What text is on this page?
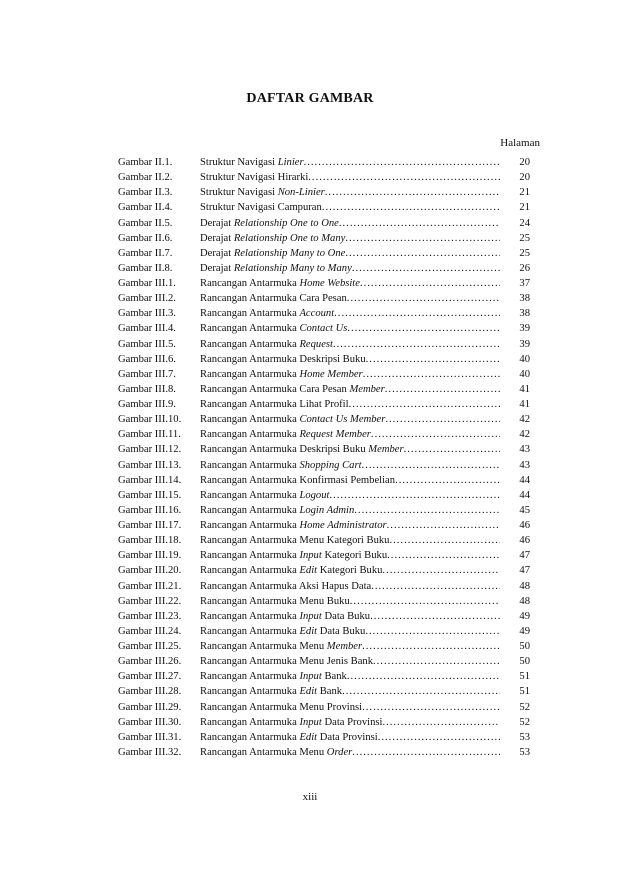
DAFTAR GAMBAR
Halaman
Gambar II.1.	Struktur Navigasi Linier .....	20
Gambar II.2.	Struktur Navigasi Hirarki .....	20
Gambar II.3.	Struktur Navigasi Non-Linier .....	21
Gambar II.4.	Struktur Navigasi Campuran .....	21
Gambar II.5.	Derajat Relationship One to One .....	24
Gambar II.6.	Derajat Relationship One to Many .....	25
Gambar II.7.	Derajat Relationship Many to One .....	25
Gambar II.8.	Derajat Relationship Many to Many .....	26
Gambar III.1. Rancangan Antarmuka Home Website .....	37
Gambar III.2. Rancangan Antarmuka Cara Pesan .....	38
Gambar III.3. Rancangan Antarmuka Account .....	38
Gambar III.4. Rancangan Antarmuka Contact Us .....	39
Gambar III.5. Rancangan Antarmuka Request .....	39
Gambar III.6. Rancangan Antarmuka Deskripsi Buku .....	40
Gambar III.7. Rancangan Antarmuka Home Member .....	40
Gambar III.8. Rancangan Antarmuka Cara Pesan Member .....	41
Gambar III.9. Rancangan Antarmuka Lihat Profil .....	41
Gambar III.10. Rancangan Antarmuka Contact Us Member .....	42
Gambar III.11. Rancangan Antarmuka Request Member .....	42
Gambar III.12. Rancangan Antarmuka Deskripsi Buku Member .....	43
Gambar III.13. Rancangan Antarmuka Shopping Cart .....	43
Gambar III.14. Rancangan Antarmuka Konfirmasi Pembelian .....	44
Gambar III.15. Rancangan Antarmuka Logout .....	44
Gambar III.16. Rancangan Antarmuka Login Admin .....	45
Gambar III.17. Rancangan Antarmuka Home Administrator .....	46
Gambar III.18. Rancangan Antarmuka Menu Kategori Buku .....	46
Gambar III.19. Rancangan Antarmuka Input Kategori Buku .....	47
Gambar III.20. Rancangan Antarmuka Edit Kategori Buku .....	47
Gambar III.21. Rancangan Antarmuka Aksi Hapus Data .....	48
Gambar III.22. Rancangan Antarmuka Menu Buku .....	48
Gambar III.23. Rancangan Antarmuka Input Data Buku .....	49
Gambar III.24. Rancangan Antarmuka Edit Data Buku .....	49
Gambar III.25. Rancangan Antarmuka Menu Member .....	50
Gambar III.26. Rancangan Antarmuka Menu Jenis Bank .....	50
Gambar III.27. Rancangan Antarmuka Input Bank .....	51
Gambar III.28. Rancangan Antarmuka Edit Bank .....	51
Gambar III.29. Rancangan Antarmuka Menu Provinsi .....	52
Gambar III.30. Rancangan Antarmuka Input Data Provinsi .....	52
Gambar III.31. Rancangan Antarmuka Edit Data Provinsi .....	53
Gambar III.32. Rancangan Antarmuka Menu Order .....	53
xiii
